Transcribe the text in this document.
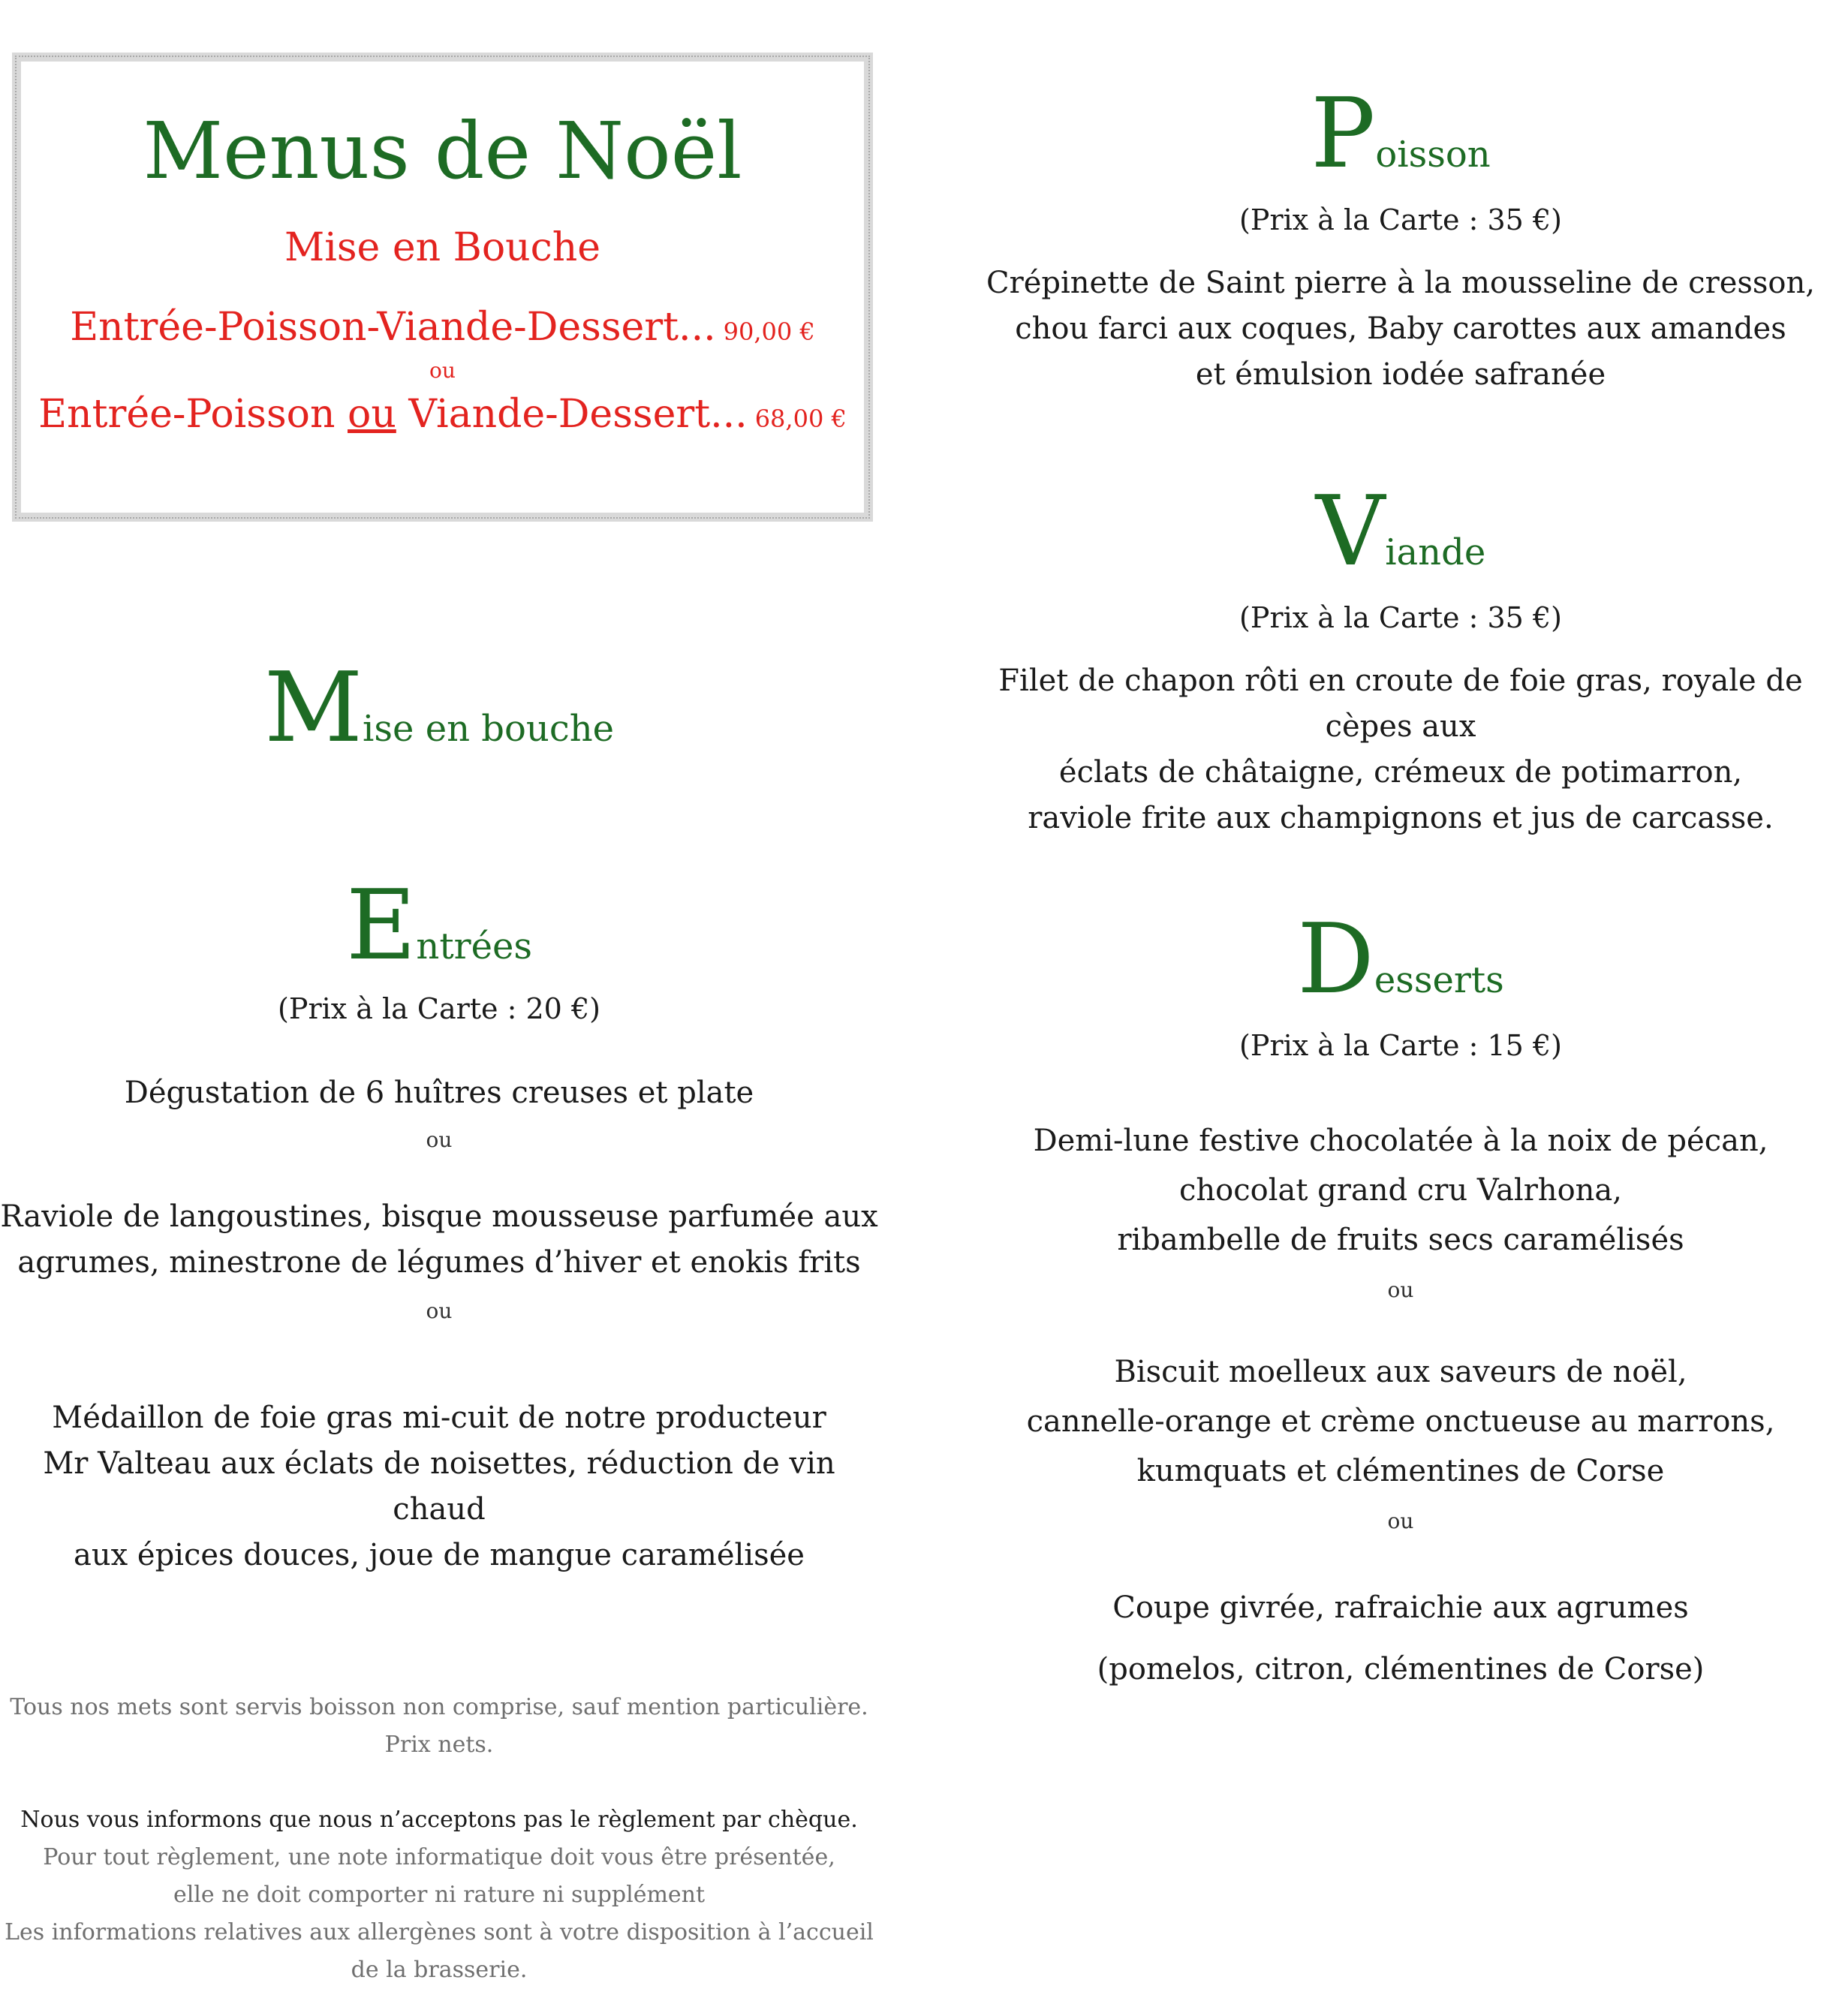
Menus de Noël
Mise en Bouche
Entrée-Poisson-Viande-Dessert... 90,00 €
ou
Entrée-Poisson ou Viande-Dessert... 68,00 €
Mise en bouche
Entrées
(Prix à la Carte : 20 €)
Dégustation de 6 huîtres creuses et plate
ou
Raviole de langoustines, bisque mousseuse parfumée aux
agrumes, minestrone de légumes d’hiver et enokis frits
ou
Médaillon de foie gras mi-cuit de notre producteur
Mr Valteau aux éclats de noisettes, réduction de vin chaud
aux épices douces, joue de mangue caramélisée
Tous nos mets sont servis boisson non comprise, sauf mention particulière. Prix nets.
Nous vous informons que nous n’acceptons pas le règlement par chèque.
Pour tout règlement, une note informatique doit vous être présentée,
elle ne doit comporter ni rature ni supplément
Les informations relatives aux allergènes sont à votre disposition à l’accueil de la brasserie.
Poisson
(Prix à la Carte : 35 €)
Crépinette de Saint pierre à la mousseline de cresson,
chou farci aux coques, Baby carottes aux amandes
et émulsion iodée safranée
Viande
(Prix à la Carte : 35 €)
Filet de chapon rôti en croute de foie gras, royale de cèpes aux
éclats de châtaigne, crémeux de potimarron,
raviole frite aux champignons et jus de carcasse.
Desserts
(Prix à la Carte : 15 €)
Demi-lune festive chocolatée à la noix de pécan,
chocolat grand cru Valrhona,
ribambelle de fruits secs caramélisés
ou
Biscuit moelleux aux saveurs de noël,
cannelle-orange et crème onctueuse au marrons,
kumquats et clémentines de Corse
ou
Coupe givrée, rafraichie aux agrumes
(pomelos, citron, clémentines de Corse)
